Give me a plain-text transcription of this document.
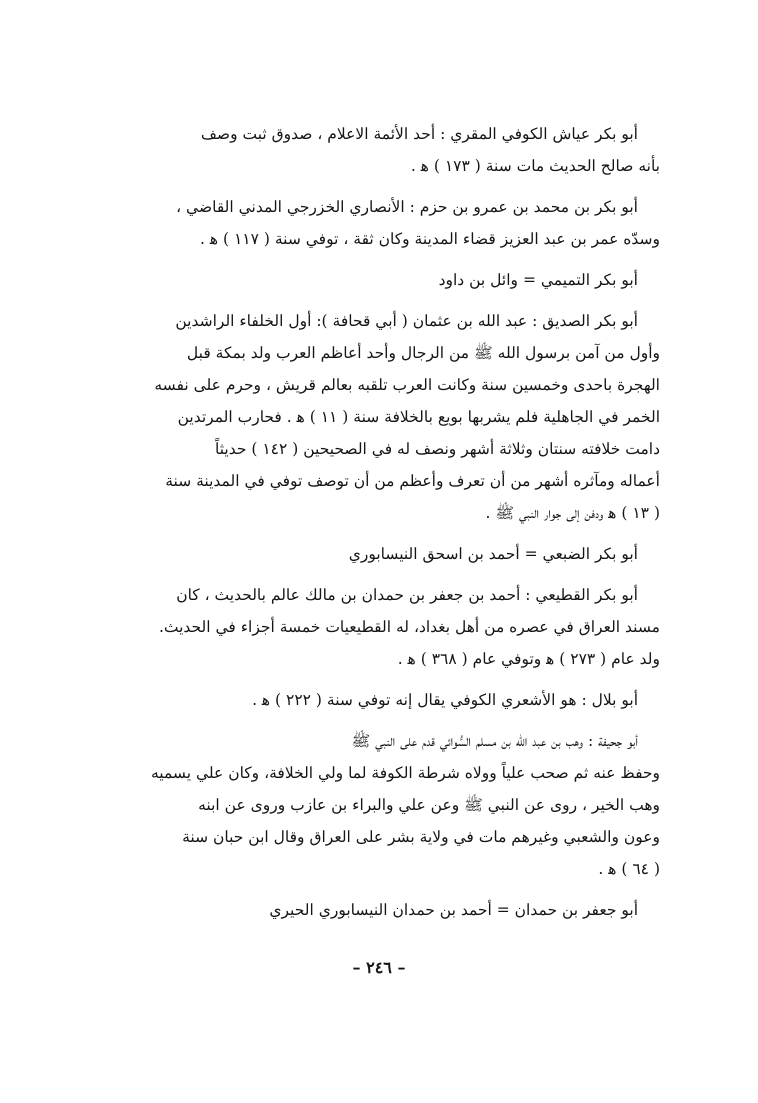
أبو بكر عياش الكوفي المقري : أحد الأئمة الاعلام ، صدوق ثبت وصف
بأنه صالح الحديث مات سنة ( ١٧٣ ) ﻫ .
أبو بكر بن محمد بن عمرو بن حزم : الأنصاري الخزرجي المدني القاضي ،
وسدّه عمر بن عبد العزيز قضاء المدينة وكان ثقة ، توفي سنة ( ١١٧ ) ﻫ .
أبو بكر التميمي = وائل بن داود
أبو بكر الصديق : عبد الله بن عثمان ( أبي قحافة ): أول الخلفاء الراشدين
وأول من آمن برسول الله ﷺ من الرجال وأحد أعاظم العرب ولد بمكة قبل
الهجرة باحدى وخمسين سنة وكانت العرب تلقبه بعالم قريش ، وحرم على نفسه
الخمر في الجاهلية فلم يشربها بويع بالخلافة سنة ( ١١ ) ﻫ . فحارب المرتدين
دامت خلافته سنتان وثلاثة أشهر ونصف له في الصحيحين ( ١٤٢ ) حديثاً
أعماله ومآثره أشهر من أن تعرف وأعظم من أن توصف توفي في المدينة سنة
( ١٣ ) ﻫ ودفن إلى جوار النبي ﷺ .
أبو بكر الضبعي = أحمد بن اسحق النيسابوري
أبو بكر القطيعي : أحمد بن جعفر بن حمدان بن مالك عالم بالحديث ، كان
مسند العراق في عصره من أهل بغداد، له القطيعيات خمسة أجزاء في الحديث.
ولد عام ( ٢٧٣ ) ﻫ وتوفي عام ( ٣٦٨ ) ﻫ .
أبو بلال : هو الأشعري الكوفي يقال إنه توفي سنة ( ٢٢٢ ) ﻫ .
أبو جحيفة : وهب بن عبد الله بن مسلم السُّوائي قدم على النبي ﷺ
وحفظ عنه ثم صحب علياً وولاه شرطة الكوفة لما ولي الخلافة، وكان علي يسميه
وهب الخير ، روى عن النبي ﷺ وعن علي والبراء بن عازب وروى عن ابنه
وعون والشعبي وغيرهم مات في ولاية بشر على العراق وقال ابن حبان سنة
( ٦٤ ) ﻫ .
أبو جعفر بن حمدان = أحمد بن حمدان النيسابوري الحيري
– ٢٤٦ –
